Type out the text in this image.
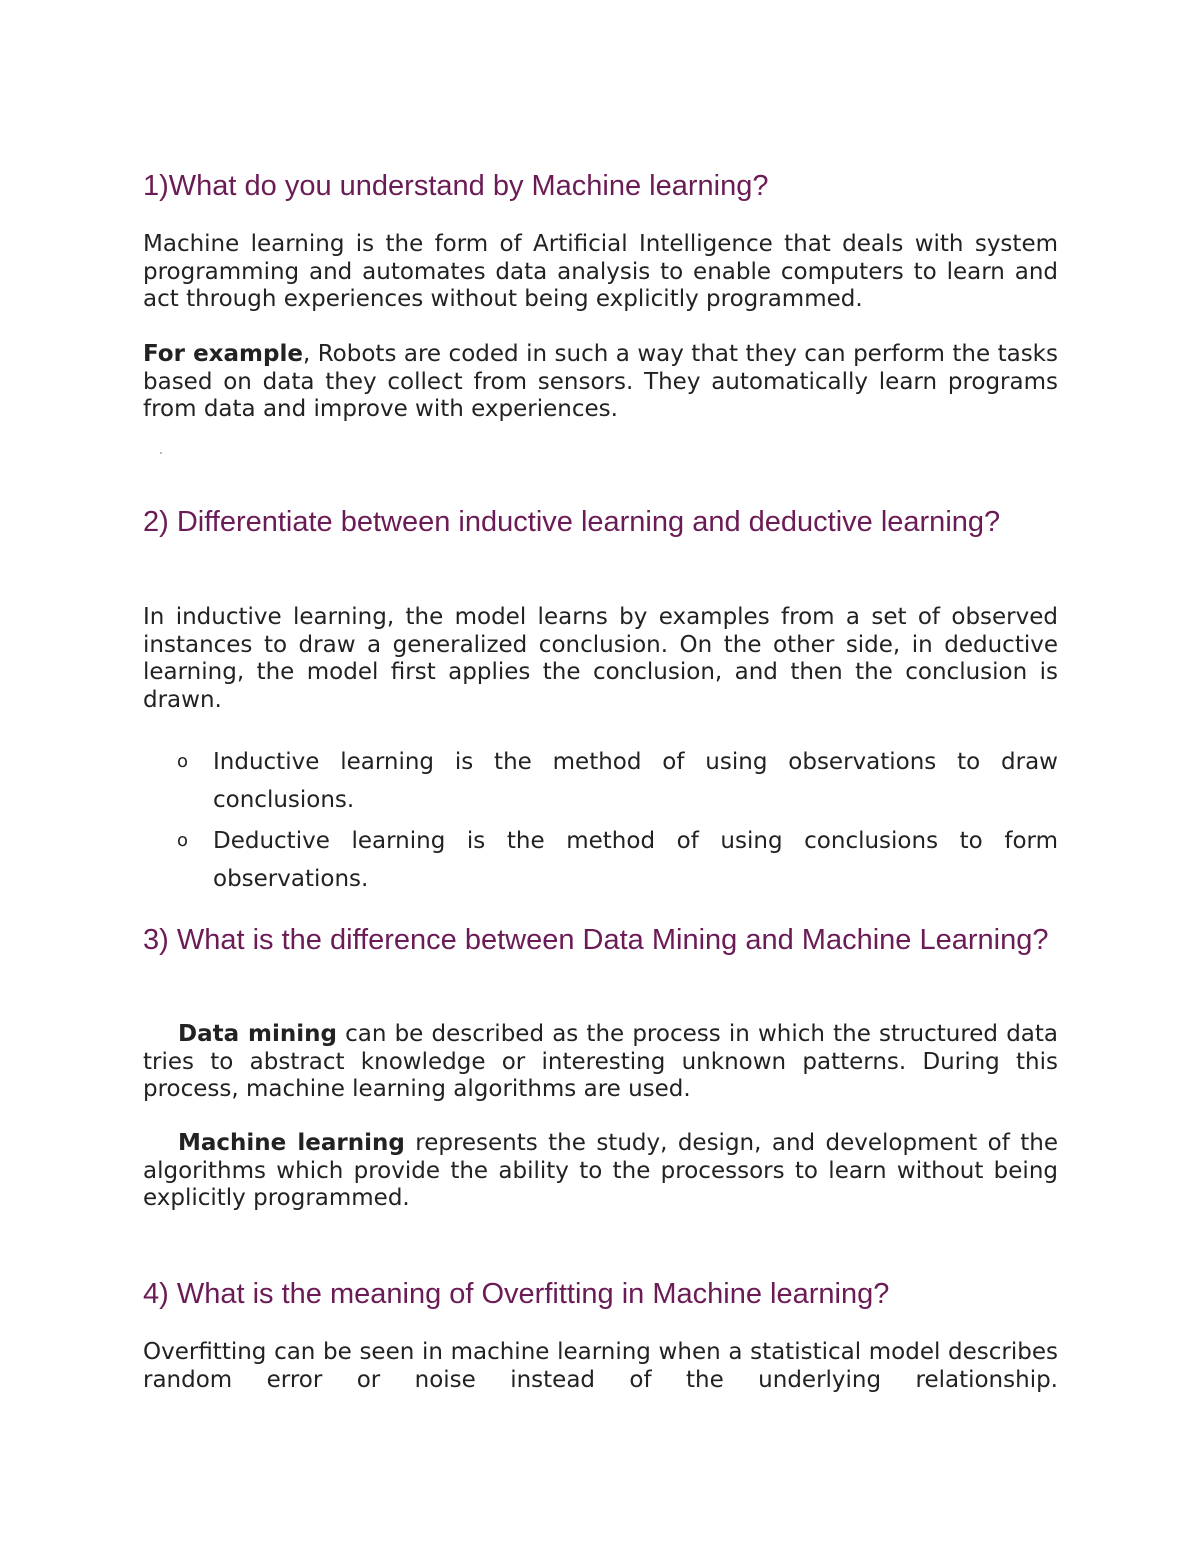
1)What do you understand by Machine learning?

Machine learning is the form of Artificial Intelligence that deals with system programming and automates data analysis to enable computers to learn and act through experiences without being explicitly programmed.

For example, Robots are coded in such a way that they can perform the tasks based on data they collect from sensors. They automatically learn programs from data and improve with experiences.

2) Differentiate between inductive learning and deductive learning?

In inductive learning, the model learns by examples from a set of observed instances to draw a generalized conclusion. On the other side, in deductive learning, the model first applies the conclusion, and then the conclusion is drawn.

o Inductive learning is the method of using observations to draw conclusions.
o Deductive learning is the method of using conclusions to form observations.
3) What is the difference between Data Mining and Machine Learning?

Data mining can be described as the process in which the structured data tries to abstract knowledge or interesting unknown patterns. During this process, machine learning algorithms are used.

Machine learning represents the study, design, and development of the algorithms which provide the ability to the processors to learn without being explicitly programmed.

4) What is the meaning of Overfitting in Machine learning?

Overfitting can be seen in machine learning when a statistical model describes random error or noise instead of the underlying relationship.
